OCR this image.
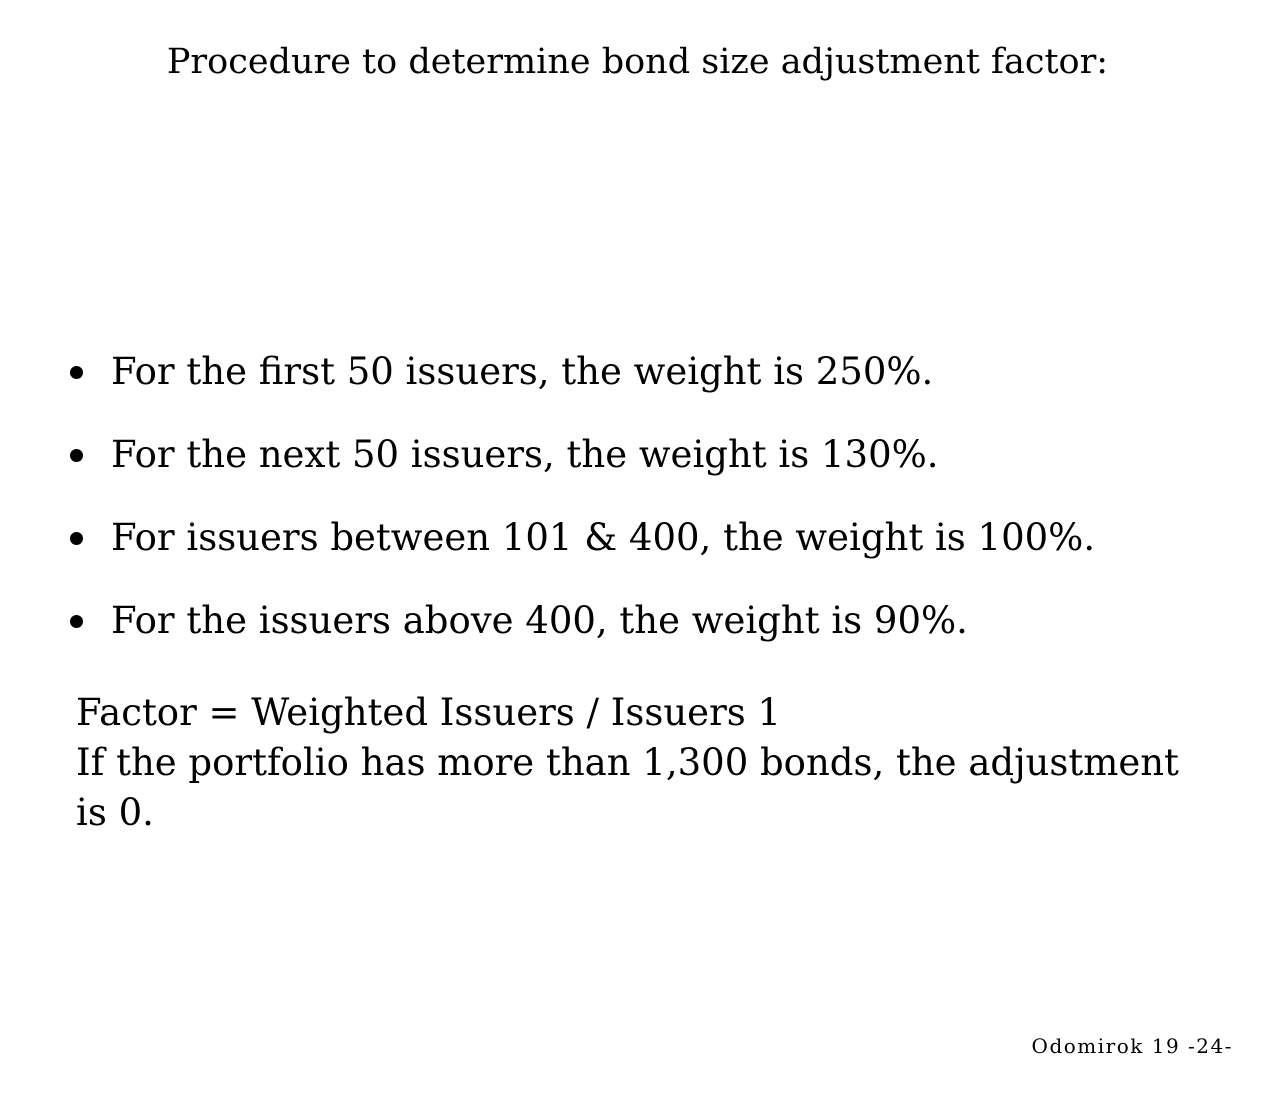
Procedure to determine bond size adjustment factor:
For the first 50 issuers, the weight is 250%.
For the next 50 issuers, the weight is 130%.
For issuers between 101 & 400, the weight is 100%.
For the issuers above 400, the weight is 90%.
Factor = Weighted Issuers / Issuers 1
If the portfolio has more than 1,300 bonds, the adjustment is 0.
Odomirok 19 -24-
